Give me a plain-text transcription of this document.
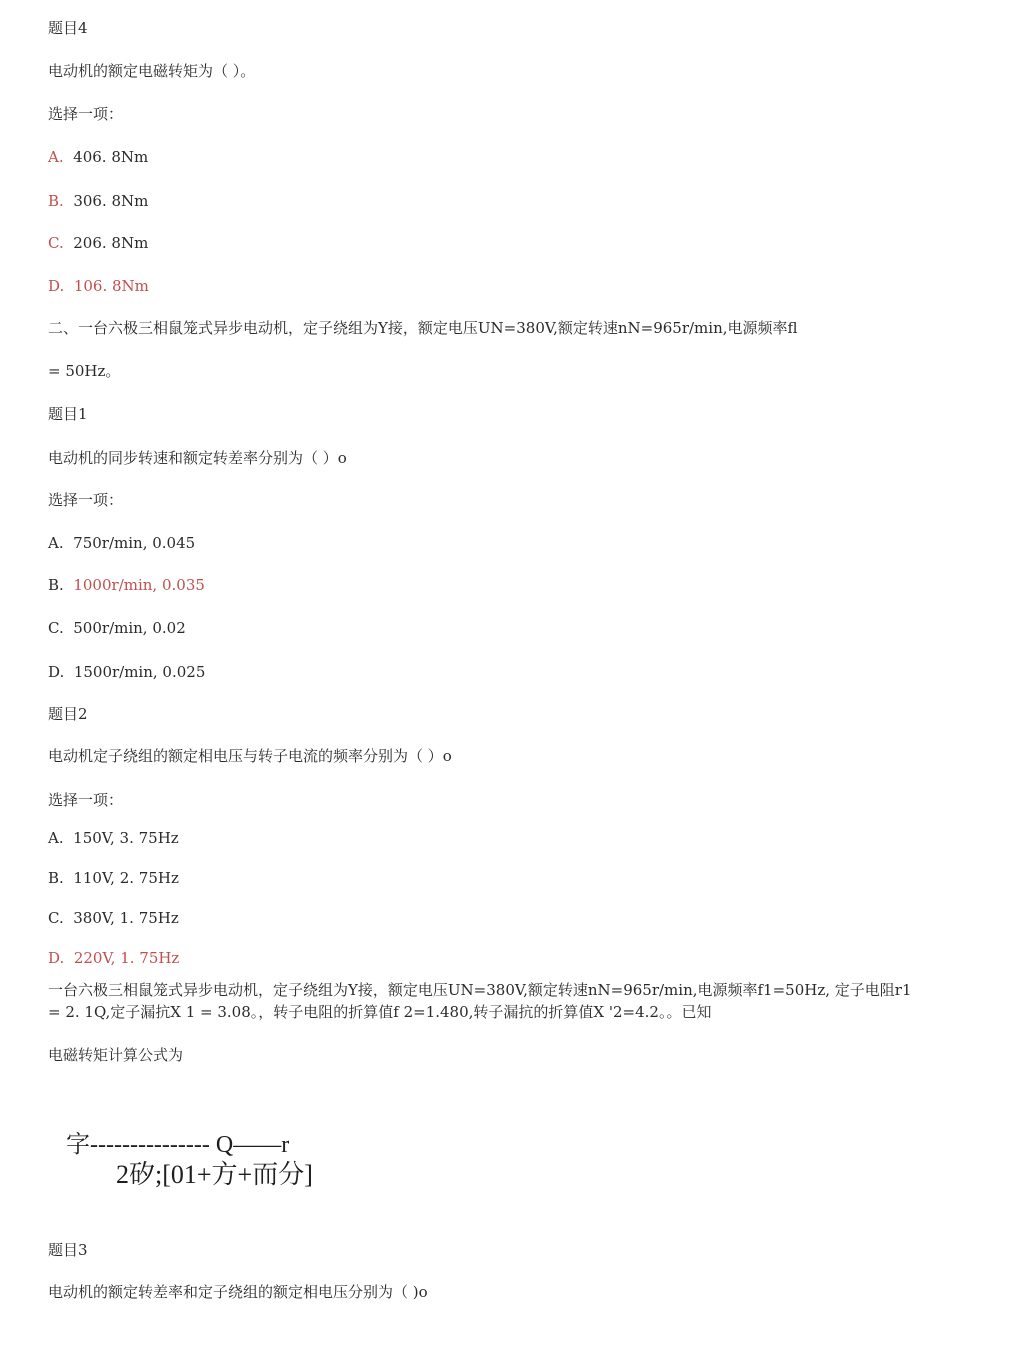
题目4
电动机的额定电磁转矩为（ ）。
选择一项：
A. 406. 8Nm
B. 306. 8Nm
C. 206. 8Nm
D. 106. 8Nm
二、一台六极三相鼠笼式异步电动机，定子绕组为Y接，额定电压UN=380V,额定转速nN=965r/min,电源频率fl
= 50Hz。
题目1
电动机的同步转速和额定转差率分别为（ ）o
选择一项：
A. 750r/min, 0.045
B. 1000r/min, 0.035
C. 500r/min, 0.02
D. 1500r/min, 0.025
题目2
电动机定子绕组的额定相电压与转子电流的频率分别为（ ）o
选择一项：
A. 150V, 3. 75Hz
B. 110V, 2. 75Hz
C. 380V, 1. 75Hz
D. 220V, 1. 75Hz
一台六极三相鼠笼式异步电动机，定子绕组为Y接，额定电压UN=380V,额定转速nN=965r/min,电源频率f1=50Hz, 定子电阻r1
= 2. 1Q,定子漏抗X 1 = 3.08。，转子电阻的折算值f 2=1.480,转子漏抗的折算值X '2=4.2。。已知
电磁转矩计算公式为
字--------------- Q——r
2矽;[01+方+而分]
题目3
电动机的额定转差率和定子绕组的额定相电压分别为（ )o
